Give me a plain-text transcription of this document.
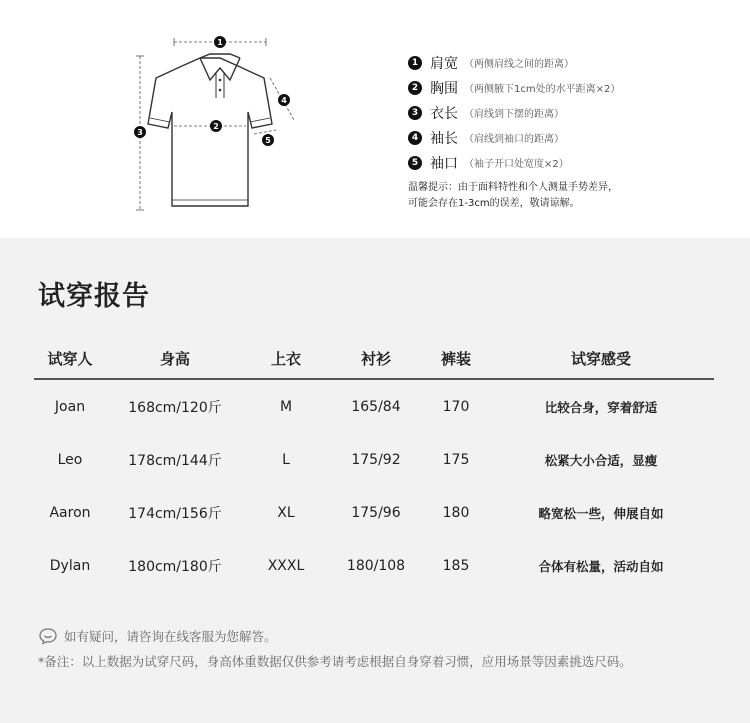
1
2
3
4
5
1 肩宽 （两侧肩线之间的距离）
2 胸围 （两侧腋下1cm处的水平距离×2）
3 衣长 （肩线到下摆的距离）
4 袖长 （肩线到袖口的距离）
5 袖口 （袖子开口处宽度×2）
温馨提示：由于面料特性和个人测量手势差异，
可能会存在1-3cm的误差，敬请谅解。
试穿报告
试穿人	身高	上衣	衬衫	裤装	试穿感受
Joan	168cm/120斤	M	165/84	170	比较合身，穿着舒适
Leo	178cm/144斤	L	175/92	175	松紧大小合适，显瘦
Aaron	174cm/156斤	XL	175/96	180	略宽松一些，伸展自如
Dylan	180cm/180斤	XXXL	180/108	185	合体有松量，活动自如
如有疑问，请咨询在线客服为您解答。
*备注：以上数据为试穿尺码，身高体重数据仅供参考请考虑根据自身穿着习惯，应用场景等因素挑选尺码。
